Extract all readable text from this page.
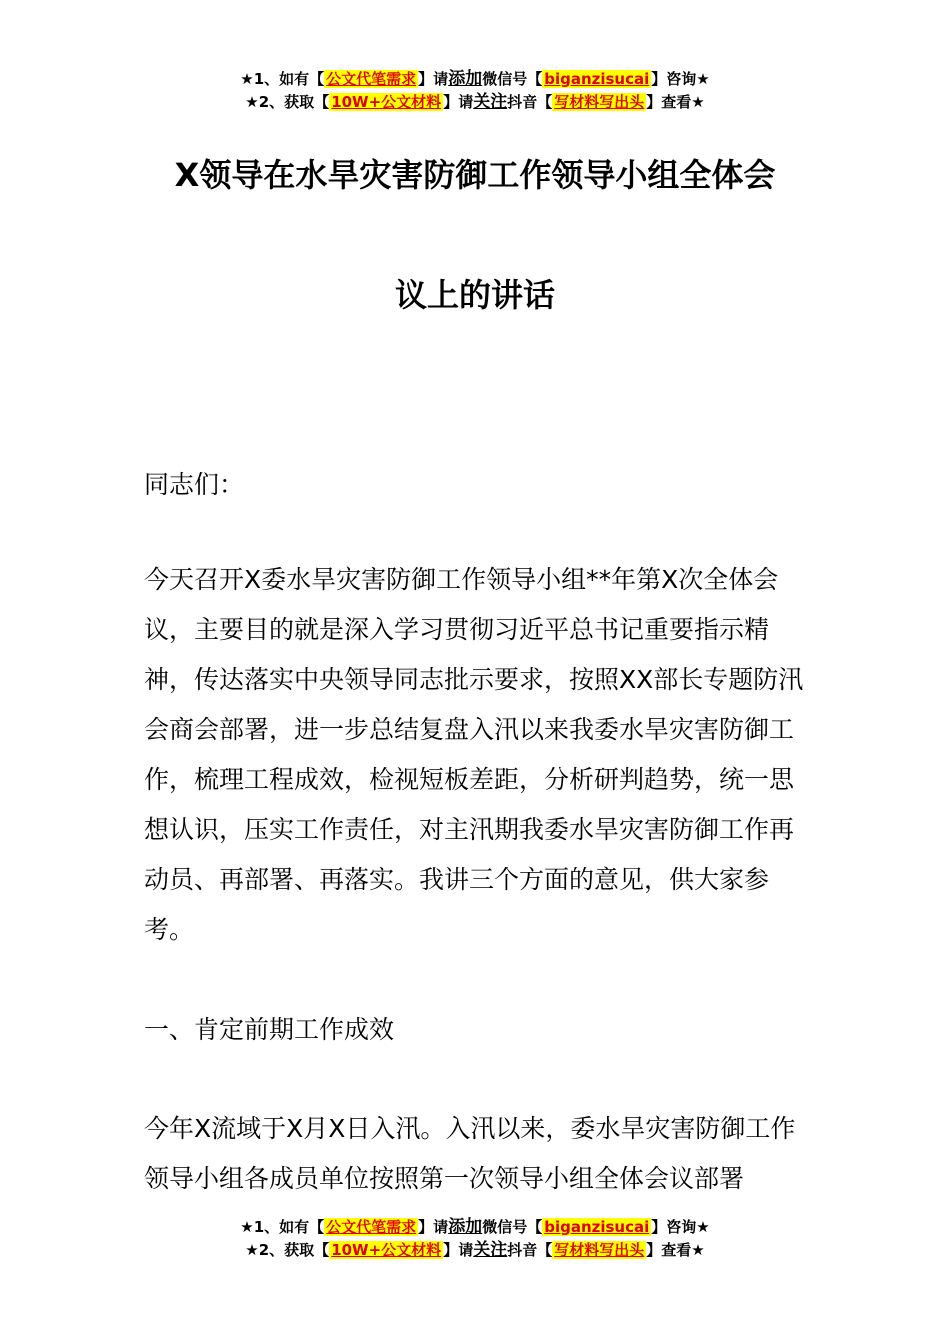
★1、如有【 公文代笔需求 】请添加微信号【 biganzisucai 】咨询★
★2、获取【 10W+公文材料 】请关注抖音【 写材料写出头 】查看★
X领导在水旱灾害防御工作领导小组全体会
议上的讲话

同志们：

今天召开X委水旱灾害防御工作领导小组**年第X次全体会议，主要目的就是深入学习贯彻习近平总书记重要指示精神，传达落实中央领导同志批示要求，按照XX部长专题防汛会商会部署，进一步总结复盘入汛以来我委水旱灾害防御工作，梳理工程成效，检视短板差距，分析研判趋势，统一思想认识，压实工作责任，对主汛期我委水旱灾害防御工作再动员、再部署、再落实。我讲三个方面的意见，供大家参考。

一、肯定前期工作成效

今年X流域于X月X日入汛。入汛以来，委水旱灾害防御工作领导小组各成员单位按照第一次领导小组全体会议部署

★1、如有【 公文代笔需求 】请添加微信号【 biganzisucai 】咨询★
★2、获取【 10W+公文材料 】请关注抖音【 写材料写出头 】查看★
